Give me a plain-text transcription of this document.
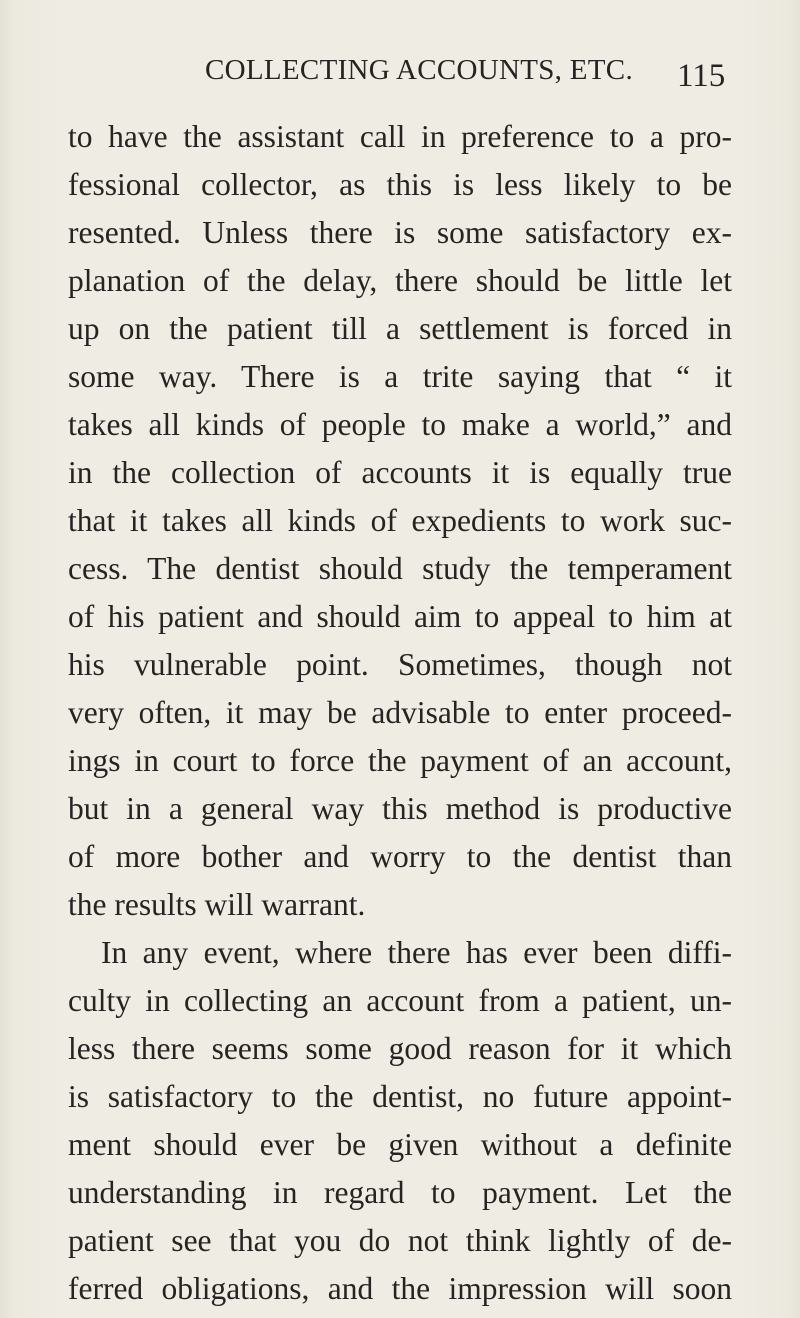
COLLECTING ACCOUNTS, ETC. 115
to have the assistant call in preference to a pro-
fessional collector, as this is less likely to be
resented. Unless there is some satisfactory ex-
planation of the delay, there should be little let
up on the patient till a settlement is forced in
some way. There is a trite saying that “ it
takes all kinds of people to make a world,” and
in the collection of accounts it is equally true
that it takes all kinds of expedients to work suc-
cess. The dentist should study the temperament
of his patient and should aim to appeal to him at
his vulnerable point. Sometimes, though not
very often, it may be advisable to enter proceed-
ings in court to force the payment of an account,
but in a general way this method is productive
of more bother and worry to the dentist than
the results will warrant.
In any event, where there has ever been diffi-
culty in collecting an account from a patient, un-
less there seems some good reason for it which
is satisfactory to the dentist, no future appoint-
ment should ever be given without a definite
understanding in regard to payment. Let the
patient see that you do not think lightly of de-
ferred obligations, and the impression will soon
